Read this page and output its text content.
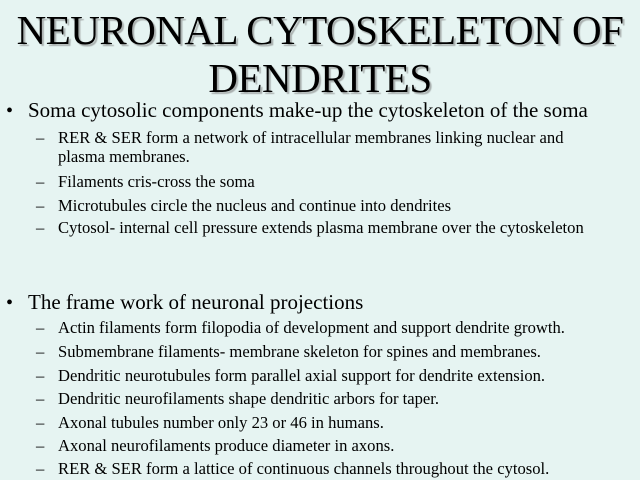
NEURONAL CYTOSKELETON OF
DENDRITES
• Soma cytosolic components make-up the cytoskeleton of the soma
– RER & SER form a network of intracellular membranes linking nuclear and
plasma membranes.
– Filaments cris-cross the soma
– Microtubules circle the nucleus and continue into dendrites
– Cytosol- internal cell pressure extends plasma membrane over the cytoskeleton
• The frame work of neuronal projections
– Actin filaments form filopodia of development and support dendrite growth.
– Submembrane filaments- membrane skeleton for spines and membranes.
– Dendritic neurotubules form parallel axial support for dendrite extension.
– Dendritic neurofilaments shape dendritic arbors for taper.
– Axonal tubules number only 23 or 46 in humans.
– Axonal neurofilaments produce diameter in axons.
– RER & SER form a lattice of continuous channels throughout the cytosol.
